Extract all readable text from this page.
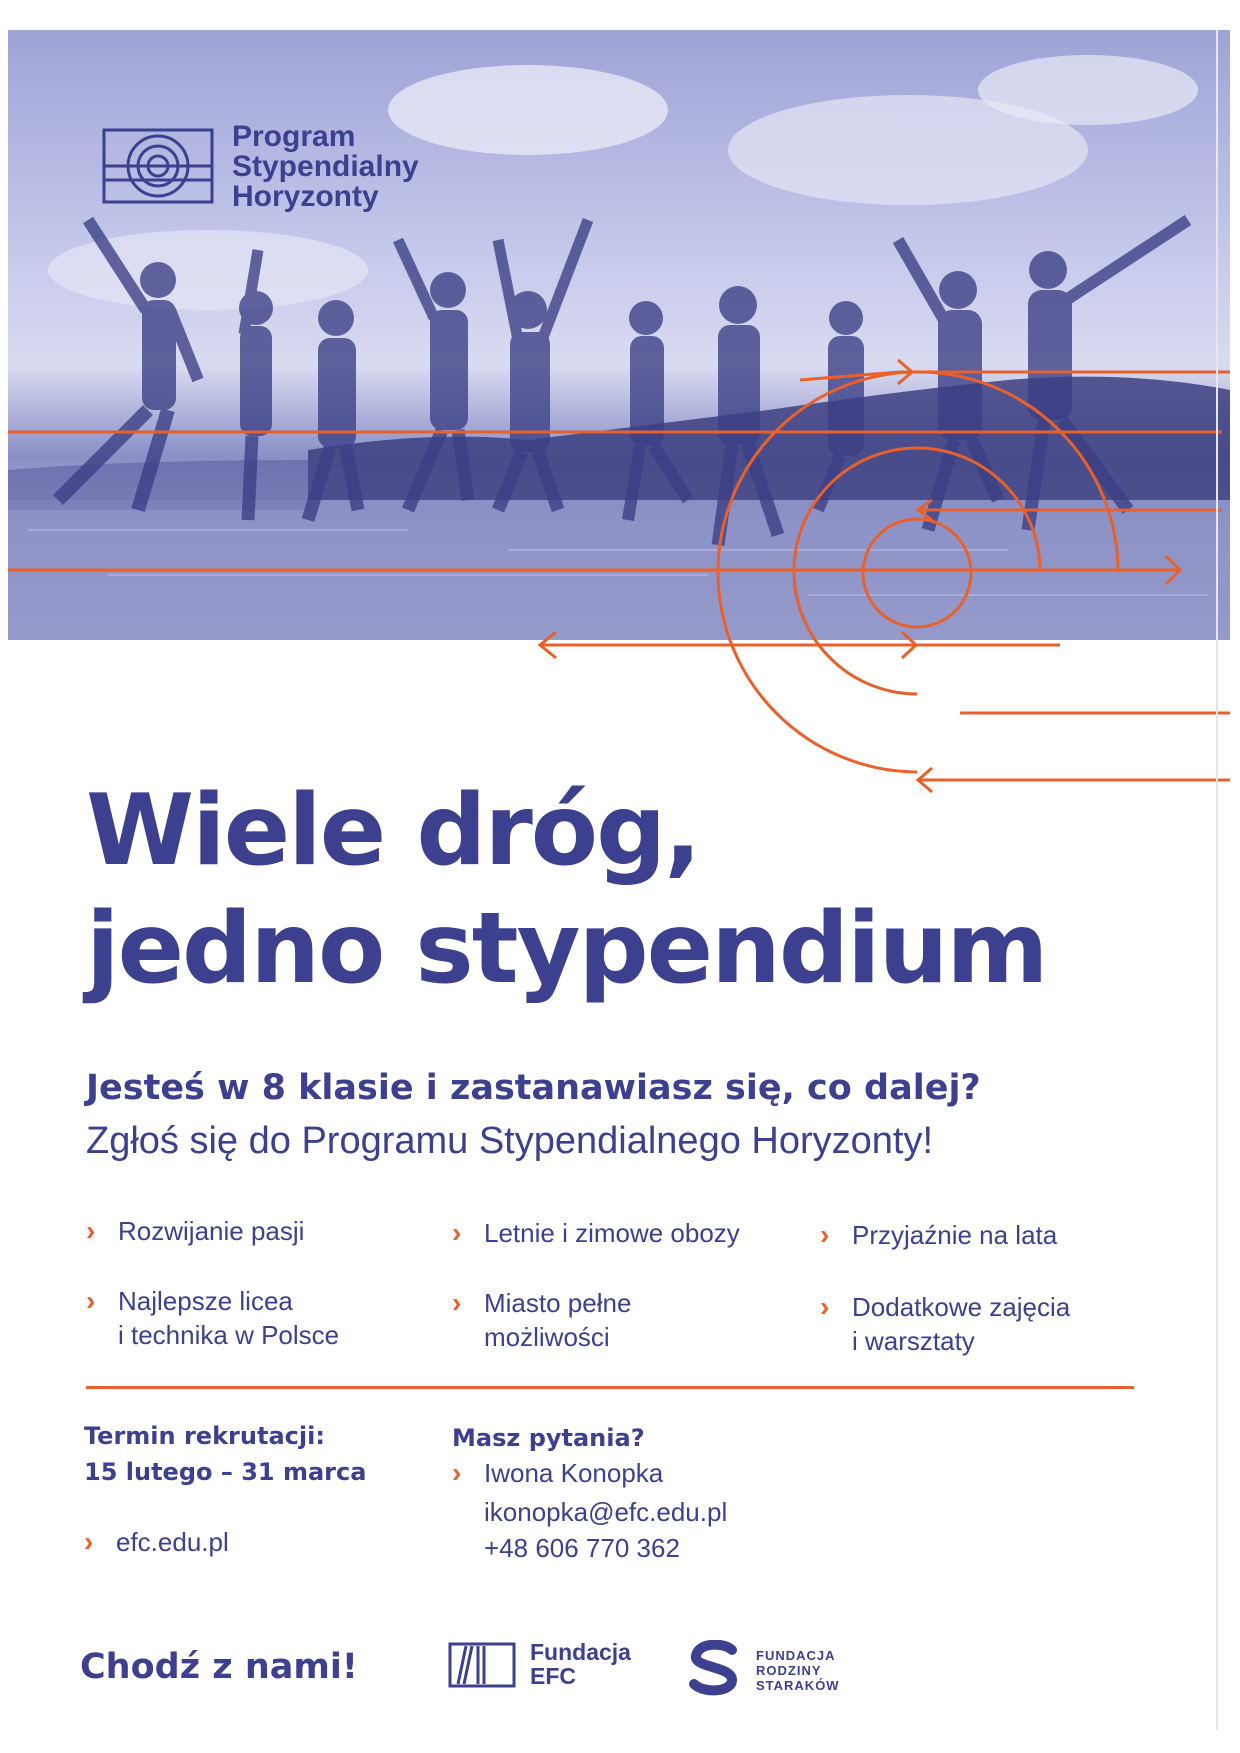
Program
Stypendialny
Horyzonty
Wiele dróg,
jedno stypendium
Jesteś w 8 klasie i zastanawiasz się, co dalej?
Zgłoś się do Programu Stypendialnego Horyzonty!
› Rozwijanie pasji	› Letnie i zimowe obozy	› Przyjaźnie na lata
› Najlepsze licea
i technika w Polsce
› Miasto pełne
możliwości
› Dodatkowe zajęcia
i warsztaty
Termin rekrutacji:
15 lutego – 31 marca
› efc.edu.pl
Masz pytania?
› Iwona Konopka
ikonopka@efc.edu.pl
+48 606 770 362
Chodź z nami!	Fundacja
EFC
FUNDACJA
RODZINY
STARAKÓW
